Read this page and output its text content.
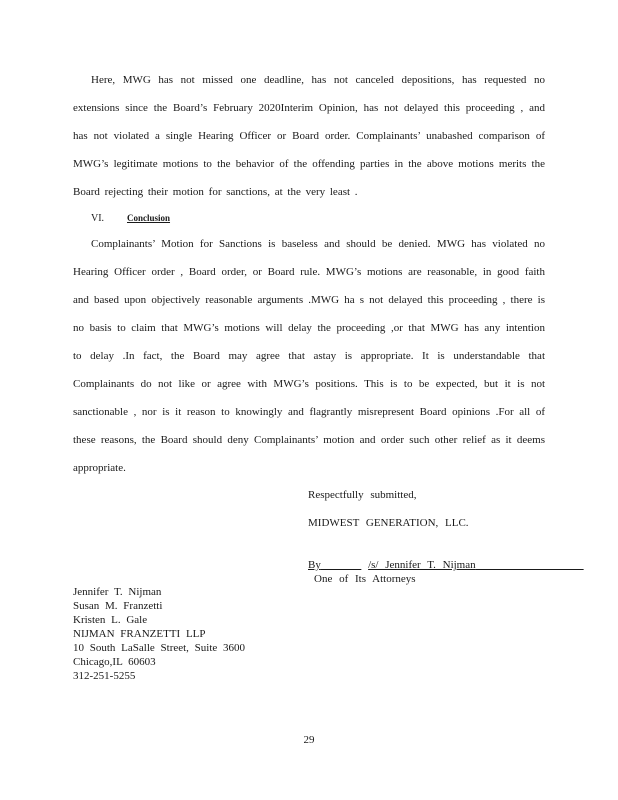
Here, MWG has not missed one deadline, has not canceled depositions, has requested no extensions since the Board’s February 2020Interim Opinion, has not delayed this proceeding , and has not violated a single Hearing Officer or Board order. Complainants’ unabashed comparison of MWG’s legitimate motions to the behavior of the offending parties in the above motions merits the Board rejecting their motion for sanctions, at the very least .
VI.	Conclusion
Complainants’ Motion for Sanctions is baseless and should be denied. MWG has violated no Hearing Officer order , Board order, or Board rule. MWG’s motions are reasonable, in good faith and based upon objectively reasonable arguments .MWG ha s not delayed this proceeding , there is no basis to claim that MWG’s motions will delay the proceeding ,or that MWG has any intention to delay .In fact, the Board may agree that astay is appropriate. It is understandable that Complainants do not like or agree with MWG’s positions. This is to be expected, but it is not sanctionable , nor is it reason to knowingly and flagrantly misrepresent Board opinions .For all of these reasons, the Board should deny Complainants’ motion and order such other relief as it deems appropriate.
Respectfully submitted,
MIDWEST GENERATION, LLC.
By	/s/ Jennifer T. Nijman
One of Its Attorneys
Jennifer T. Nijman
Susan M. Franzetti
Kristen L. Gale
NIJMAN FRANZETTI LLP
10 South LaSalle Street, Suite 3600
Chicago,IL 60603
312-251-5255
29
